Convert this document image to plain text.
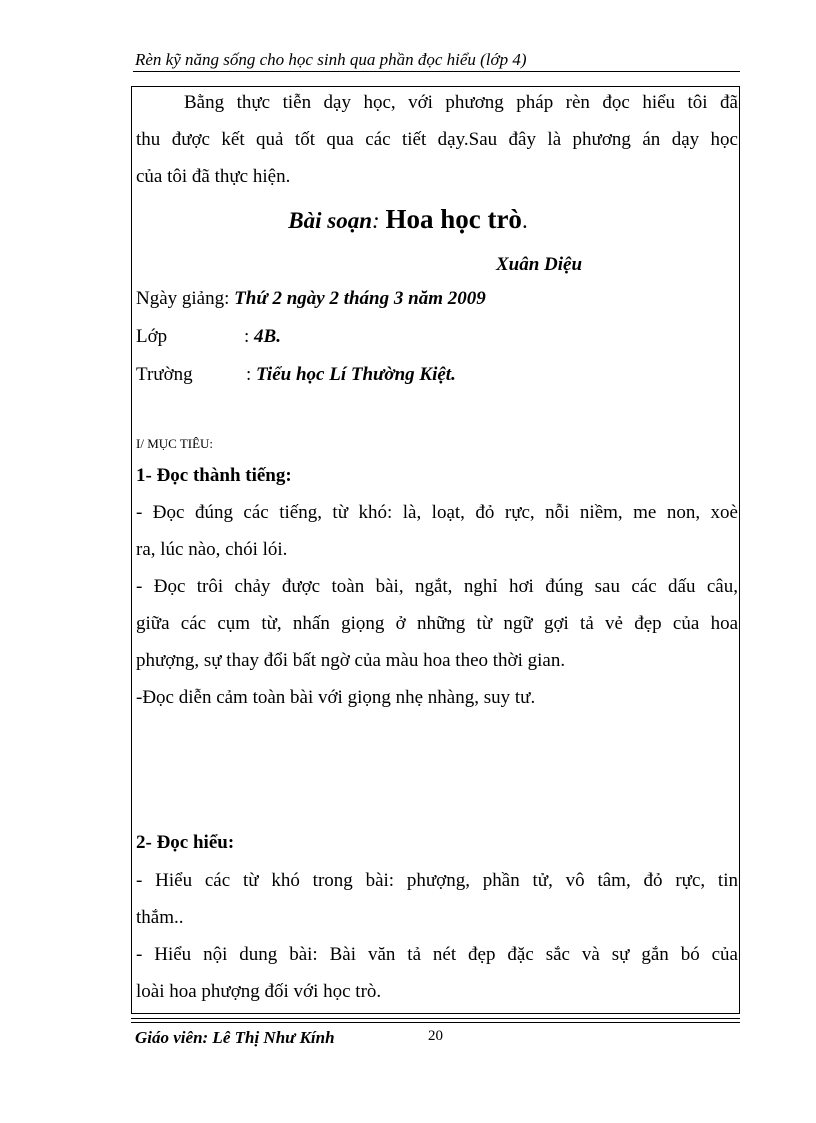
Rèn kỹ năng sống cho học sinh qua phần đọc hiểu (lớp 4)
Bằng thực tiễn dạy học, với phương pháp rèn đọc hiểu tôi đã
thu được kết quả tốt qua các tiết dạy.Sau đây là phương án dạy học
của tôi đã thực hiện.
Bài soạn: Hoa học trò.
Xuân Diệu
Ngày giảng: Thứ 2 ngày 2 tháng 3 năm 2009
Lớp	: 4B.
Trường	: Tiểu học Lí Thường Kiệt.
I/ MỤC TIÊU:
1- Đọc thành tiếng:
- Đọc đúng các tiếng, từ khó: là, loạt, đỏ rực, nỗi niềm, me non, xoè
ra, lúc nào, chói lói.
- Đọc trôi chảy được toàn bài, ngắt, nghỉ hơi đúng sau các dấu câu,
giữa các cụm từ, nhấn giọng ở những từ ngữ gợi tả vẻ đẹp của hoa
phượng, sự thay đổi bất ngờ của màu hoa theo thời gian.
-Đọc diễn cảm toàn bài với giọng nhẹ nhàng, suy tư.
2- Đọc hiểu:
- Hiểu các từ khó trong bài: phượng, phần tử, vô tâm, đỏ rực, tin
thắm..
- Hiểu nội dung bài: Bài văn tả nét đẹp đặc sắc và sự gắn bó của
loài hoa phượng đối với học trò.
Giáo viên: Lê Thị Như Kính	20
